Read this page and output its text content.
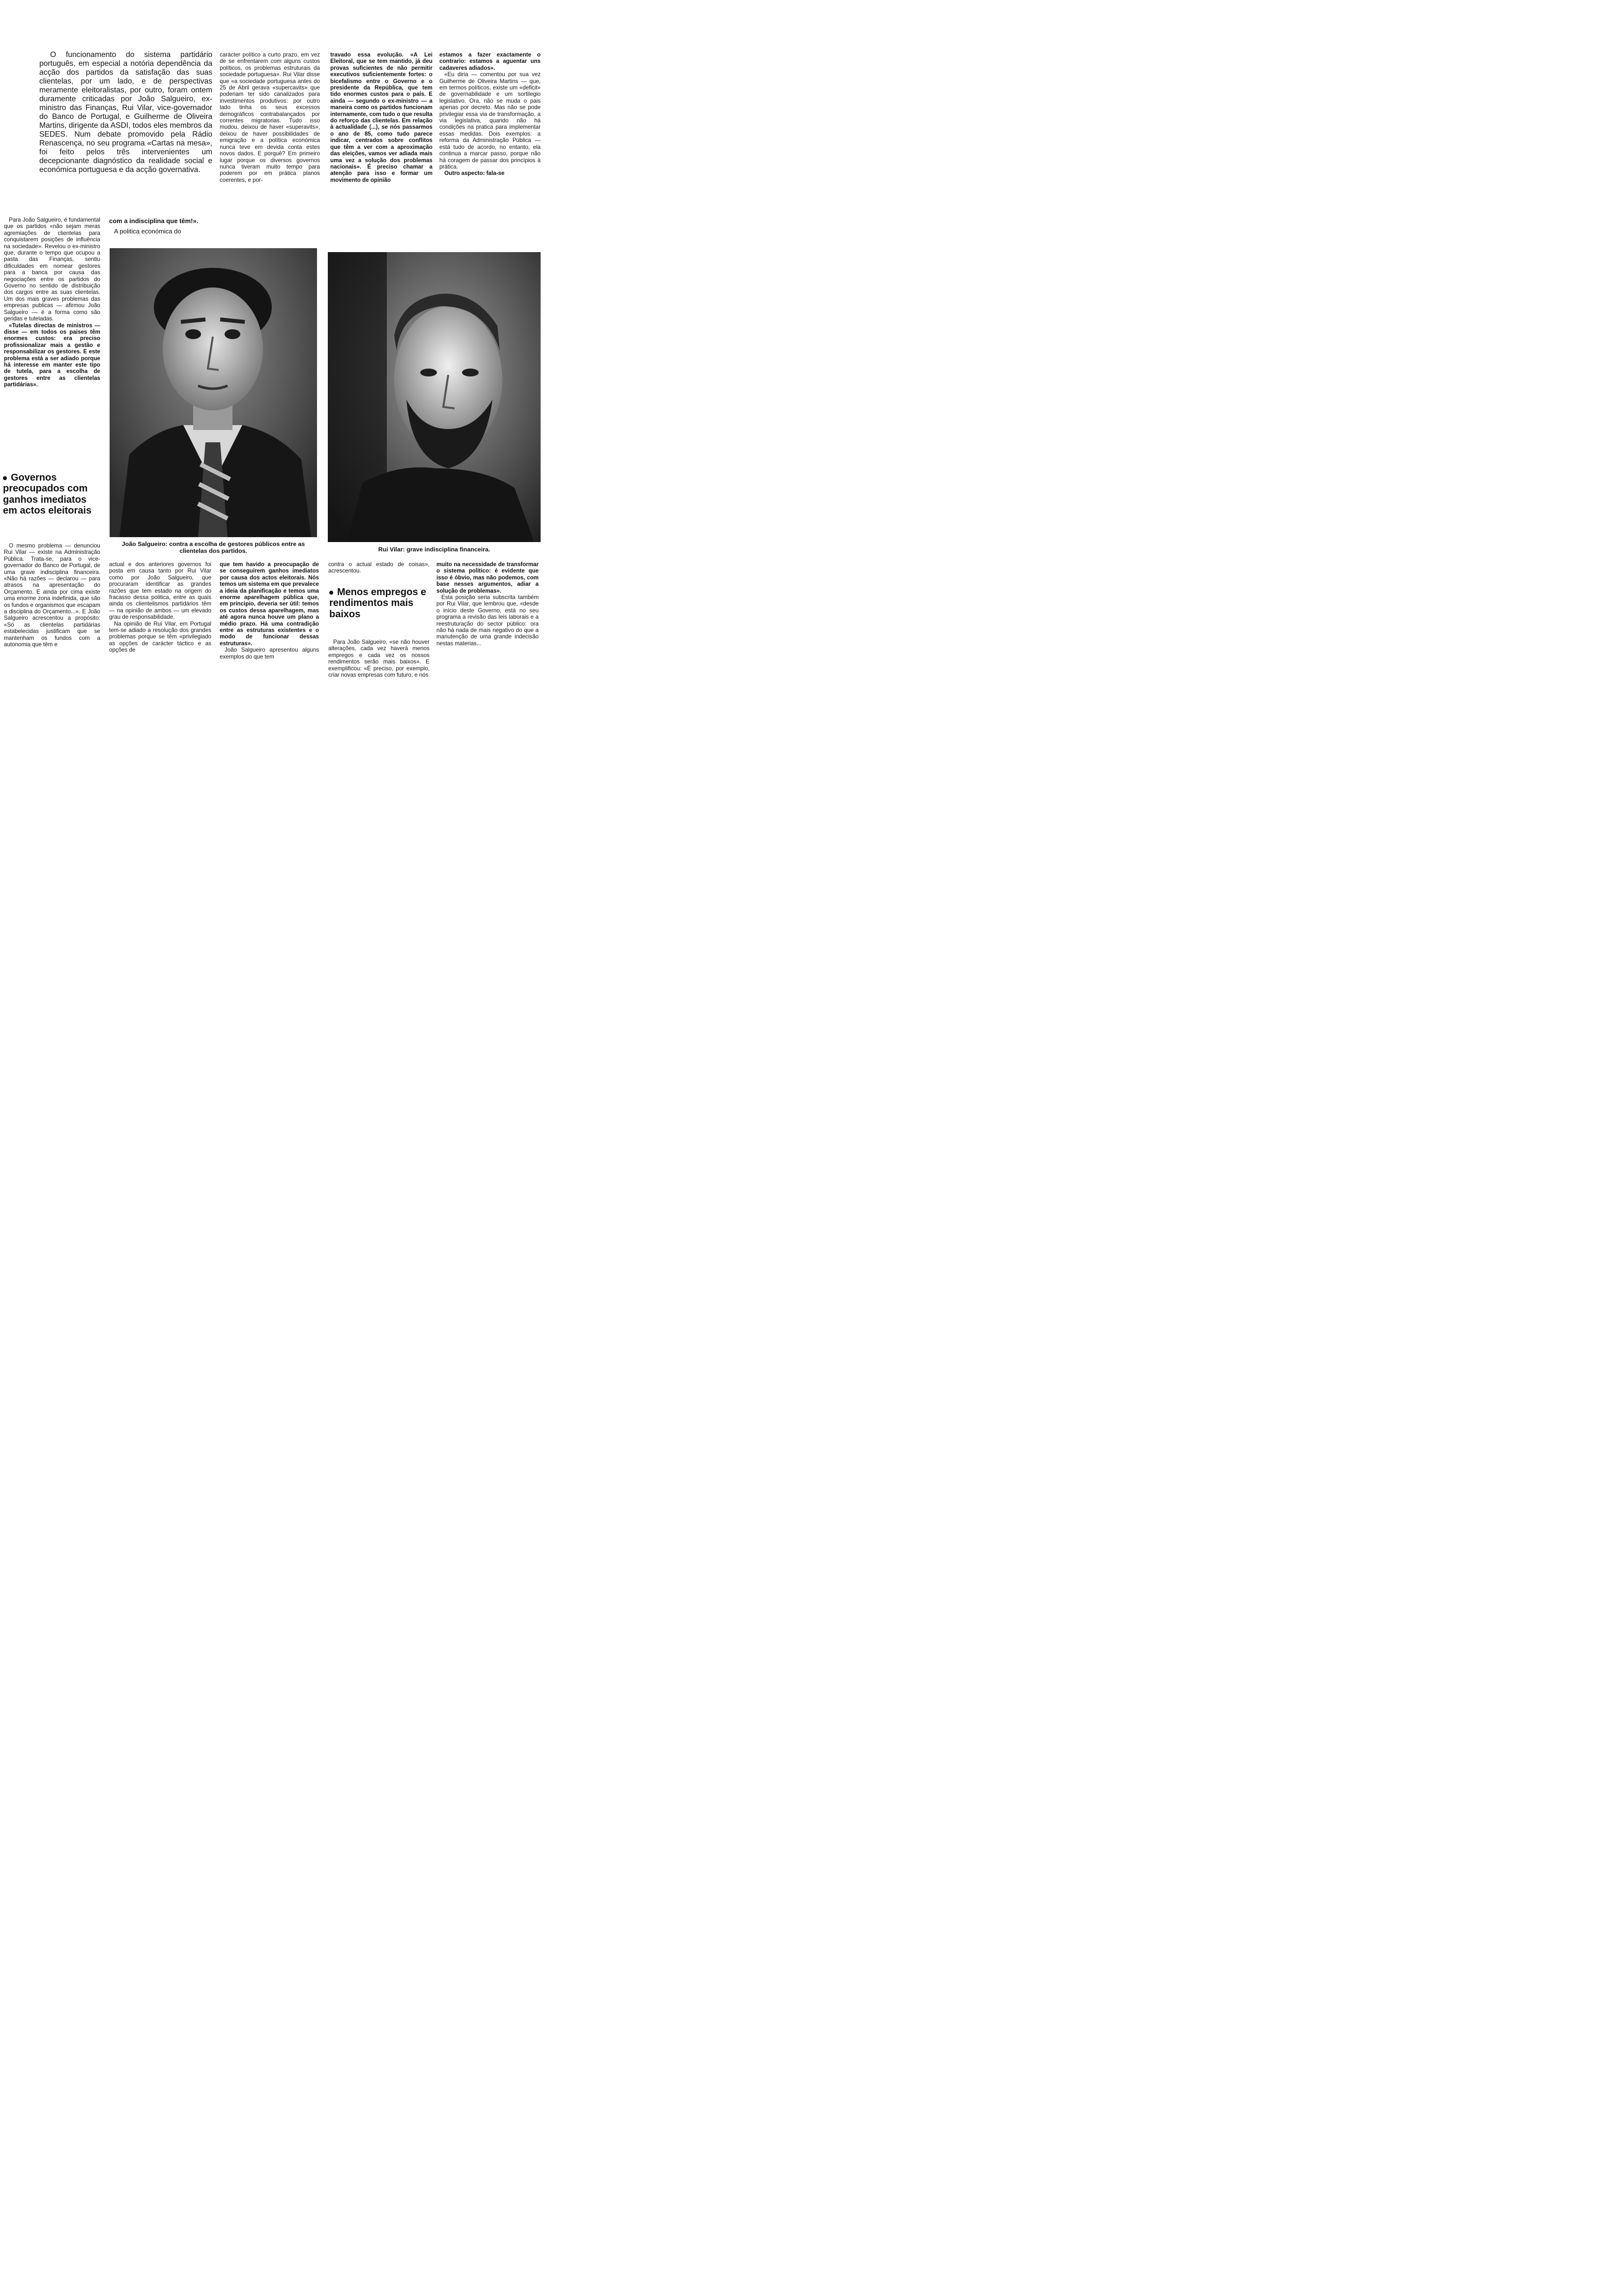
O funcionamento do sistema partidário português, em especial a notória dependência da acção dos partidos da satisfação das suas clientelas, por um lado, e de perspectivas meramente eleitoralistas, por outro, foram ontem duramente criticadas por João Salgueiro, ex-ministro das Finanças, Rui Vilar, vice-governador do Banco de Portugal, e Guilherme de Oliveira Martins, dirigente da ASDI, todos eles membros da SEDES. Num debate promovido pela Rádio Renascença, no seu programa «Cartas na mesa», foi feito pelos três intervenientes um decepcionante diagnóstico da realidade social e económica portuguesa e da acção governativa.

Para João Salgueiro, é fundamental que os partidos «não sejam meras agremiações de clientelas para conquistarem posições de influência na sociedade». Revelou o ex-ministro que, durante o tempo que ocupou a pasta das Finanças, sentiu dificuldades em nomear gestores para a banca por causa das negociações entre os partidos do Governo no sentido de distribuição dos cargos entre as suas clientelas. Um dos mais graves problemas das empresas publicas — afirmou João Salgueiro — é a forma como são geridas e tuteladas.

«Tutelas directas de ministros — disse — em todos os paises têm enormes custos: era preciso profissionalizar mais a gestão e responsabilizar os gestores. E este problema está a ser adiado porque há interesse em manter este tipo de tutela, para a escolha de gestores entre as clientelas partidárias».

Governos preocupados com ganhos imediatos em actos eleitorais

O mesmo problema — denunciou Rui Vilar — existe na Administração Pública. Trata-se, para o vice-governador do Banco de Portugal, de uma grave indisciplina financeira. «Não há razões — declarou — para atrasos na apresentação do Orçamento. E ainda por cima existe uma enorme zona indefinida, que são os fundos e organismos que escapam a disciplina do Orçamento...». E João Salgueiro acrescentou a propósito: «Só as clientelas partidárias estabelecidas justificam que se mantenham os fundos com a autonomia que têm e

com a indisciplina que têm!».

A politica económica do

carácter político a curto prazo, em vez de se enfrentarem com alguns custos políticos, os problemas estruturais da sociedade portuguesa». Rui Vilar disse que «a sociedade portuguesa antes do 25 de Abril gerava «supercavits» que poderiam ter sido canalizados para investimentos produtivos: por outro lado tinha os seus excessos demográficos contrabalançados por correntes migratorias. Tudo isso mudou, deixou de haver «superavits», deixou de haver possibilidades de emigração e a política económica nunca teve em devida conta estes novos dados. E porquê? Em primeiro lugar porque os diversos governos nunca tiveram muito tempo para poderem por em prática planos coerentes, e por-

travado essa evolução. «A Lei Eleitoral, que se tem mantido, já deu provas suficientes de não permitir executivos suficientemente fortes: o bicefalismo entre o Governo e o presidente da República, que tem tido enormes custos para o país. E ainda — segundo o ex-ministro — a maneira como os partidos funcionam internamente, com tudo o que resulta do reforço das clientelas. Em relação à actualidade (...), se nós passarmos o ano de 85, como tudo parece indicar, centrados sobre conflitos que têm a ver com a aproximação das eleições, vamos ver adiada mais uma vez a solução dos problemas nacionais». É preciso chamar a atenção para isso e formar um movimento de opinião

estamos a fazer exactamente o contrario: estamos a aguentar uns cadaveres adiados».

«Eu diria — comentou por sua vez Guilherme de Oliveira Martins — que, em termos políticos, existe um «deficit» de governabilidade e um sortilegio legislativo. Ora, não se muda o pais apenas por decreto. Mas não se pode privilegiar essa via de transformação, a via legislativa, quando não há condições na pratica para implementar essas medidas. Dois exemplos: a reforma da Administração Pública — está tudo de acordo, no entanto, ela continua a marcar passo, porque não há coragem de passar dos princípios à prática.

Outro aspecto: fala-se

João Salgueiro: contra a escolha de gestores públicos entre as clientelas dos partidos.	Rui Vilar: grave indisciplina financeira.

actual e dos anteriores governos foi posta em causa tanto por Rui Vilar como por João Salgueiro, que procuraram identificar as grandes razões que tem estado na origem do fracasso dessa politica, entre as quais ainda os clientelismos partidários têm — na opinião de ambos — um elevado grau de responsabilidade.

Na opinião de Rui Vilar, em Portugal tem-se adiado a resolução dos grandes problemas porque se têm «privilegiado as opções de carácter táctico e as opções de

que tem havido a preocupação de se conseguirem ganhos imediatos por causa dos actos eleitorais. Nós temos um sistema em que prevalece a ideia da planificação e temos uma enorme aparelhagem pública que, em principio, deveria ser útil: temos os custos dessa aparelhagem, mas até agora nunca houve um plano a médio prazo. Há uma contradição entre as estruturas existentes e o modo de funcionar dessas estruturas».

João Salgueiro apresentou alguns exemplos do que tem

contra o actual estado de coisas», acrescentou.

Menos empregos e rendimentos mais baixos

Para João Salgueiro, «se não houver alterações, cada vez haverá menos empregos e cada vez os nossos rendimentos serão mais baixos». E exemplificou: «É preciso, por exemplo, criar novas empresas com futuro, e nós

muito na necessidade de transformar o sistema politico: é evidente que isso é óbvio, mas não podemos, com base nesses argumentos, adiar a solução de problemas».

Esta posição seria subscrita também por Rui Vilar, que lembrou que, «desde o início deste Governo, está no seu programa a revisão das leis laborais e a reestruturação do sector público: ora não há nada de mais negativo do que a manutenção de uma grande indecisão nestas materias...
